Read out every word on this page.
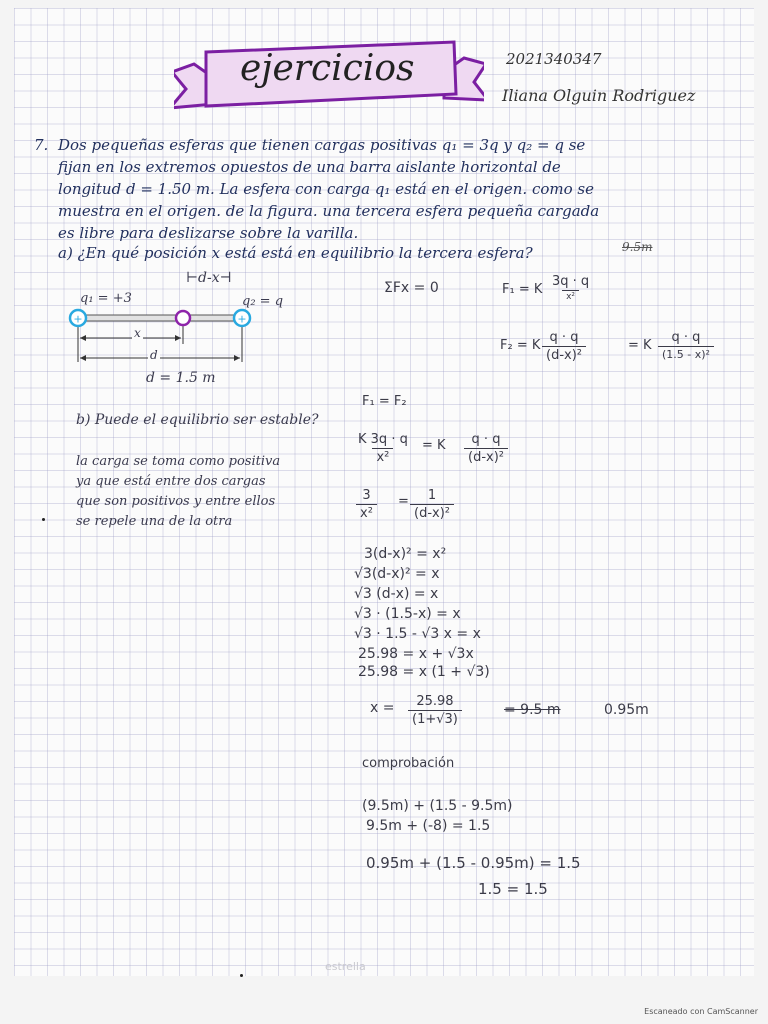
ejercicios	2021340347
Iliana Olguin Rodriguez
7. Dos pequeñas esferas que tienen cargas positivas q₁ = 3q y q₂ = q se
fijan en los extremos opuestos de una barra aislante horizontal de
longitud d = 1.50 m. La esfera con carga q₁ está en el origen. como se
muestra en el origen. de la figura. una tercera esfera pequeña cargada
es libre para deslizarse sobre la varilla.
a) ¿En qué posición x está está en equilibrio la tercera esfera?	9.5m
⊢d-x⊣
q₁ = +3	q₂ = q
+	+
x
d
d = 1.5 m
ΣFx = 0	F₁ = K
3q · q
x²
F₂ = K $\frac{q \cdot q}{\text{(d-x)²}}$	= K
q · q
(1.5 - x)²
F₁ = F₂
b) Puede el equilibrio ser estable?
la carga se toma como positiva
ya que está entre dos cargas
que son positivos y entre ellos
se repele una de la otra
$\frac{K 3q \cdot q}{\text{x²}} = K \frac{q \cdot q}{\text{(d-x)²}}$
$\frac{3}{\text{x²}} = \frac{1}{\text{(d-x)²}}$
3(d-x)² = x²
√3(d-x)² = x
√3 (d-x) = x
√3 · (1.5-x) = x
√3 · 1.5 - √3 x = x
25.98 = x + √3x
25.98 = x (1 + √3)
$x = \frac{25.98}{(1+√3)}$	= 9.5 m	0.95m
comprobación
(9.5m) + (1.5 - 9.5m)
9.5m + (-8) = 1.5
0.95m + (1.5 - 0.95m) = 1.5
1.5 = 1.5
estrella
Escaneado con CamScanner
